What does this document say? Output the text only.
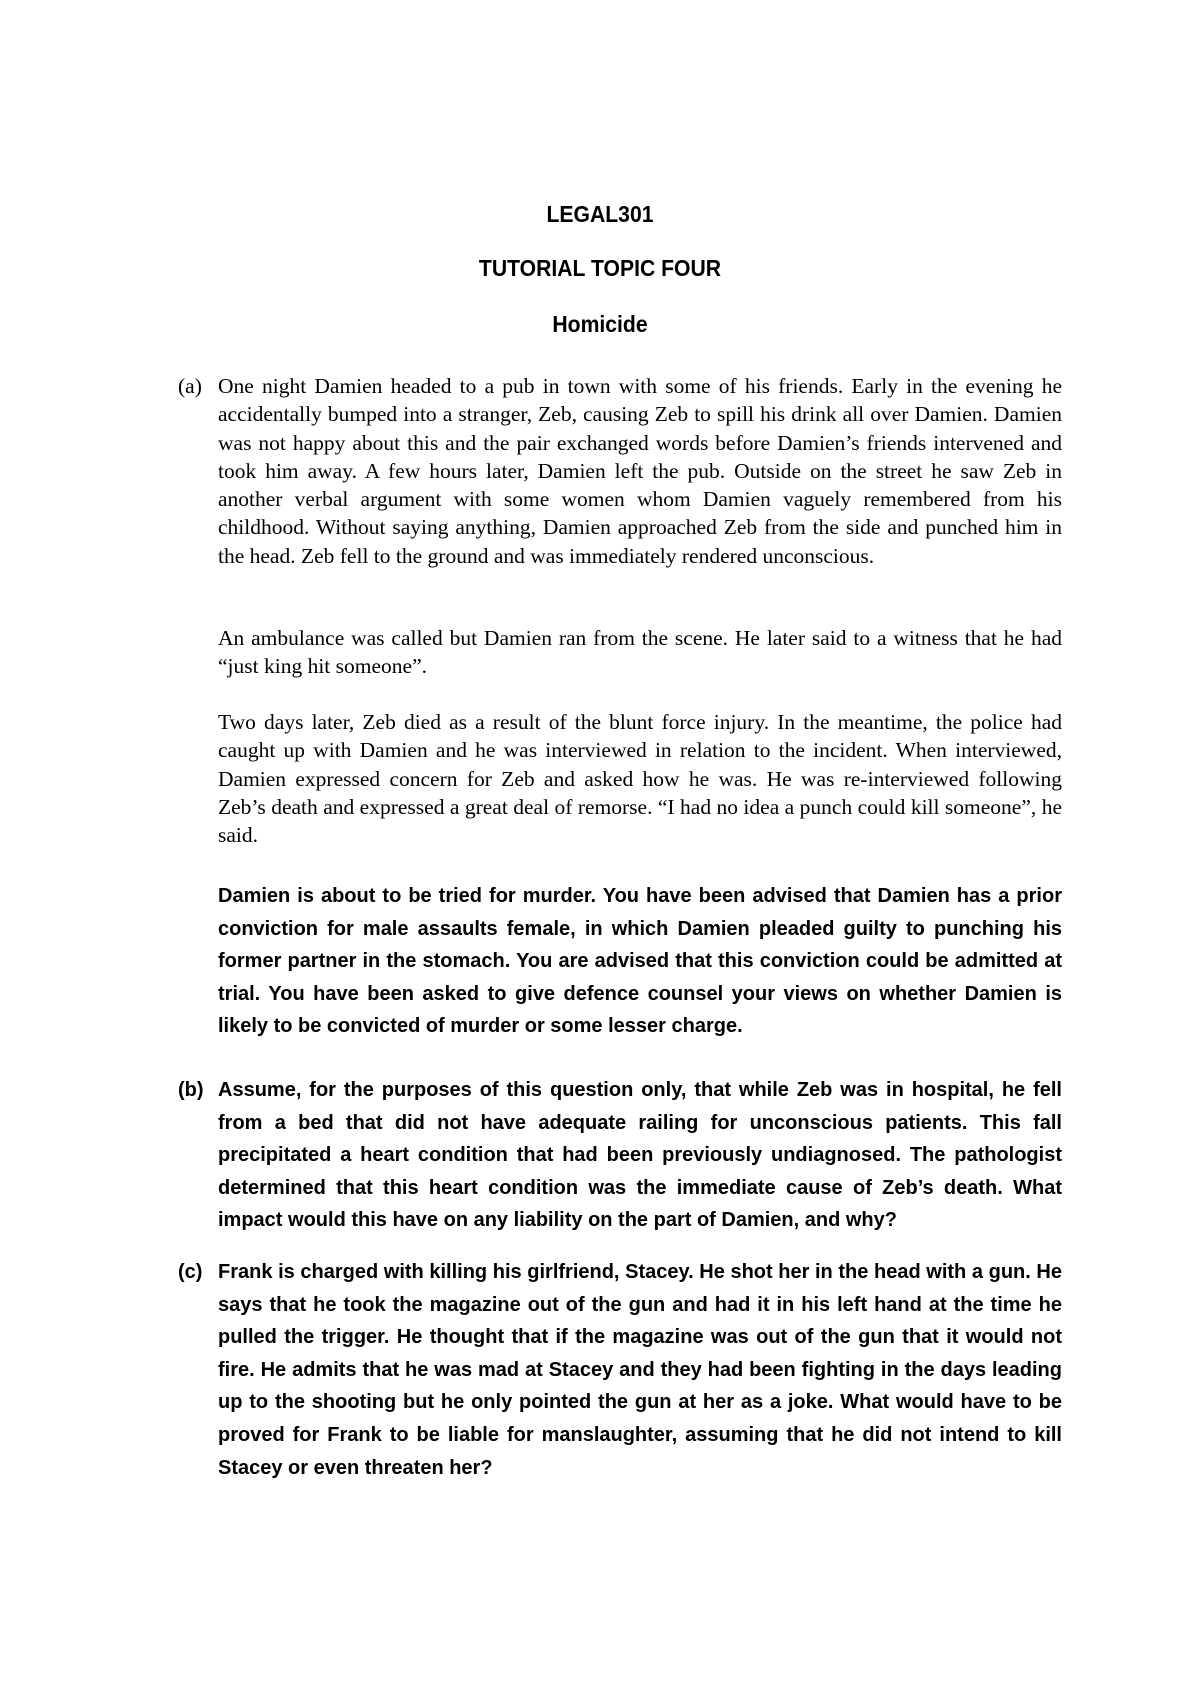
LEGAL301
TUTORIAL TOPIC FOUR
Homicide
(a) One night Damien headed to a pub in town with some of his friends. Early in the evening he accidentally bumped into a stranger, Zeb, causing Zeb to spill his drink all over Damien. Damien was not happy about this and the pair exchanged words before Damien’s friends intervened and took him away. A few hours later, Damien left the pub. Outside on the street he saw Zeb in another verbal argument with some women whom Damien vaguely remembered from his childhood. Without saying anything, Damien approached Zeb from the side and punched him in the head. Zeb fell to the ground and was immediately rendered unconscious.

An ambulance was called but Damien ran from the scene. He later said to a witness that he had “just king hit someone”.

Two days later, Zeb died as a result of the blunt force injury. In the meantime, the police had caught up with Damien and he was interviewed in relation to the incident. When interviewed, Damien expressed concern for Zeb and asked how he was. He was re-interviewed following Zeb’s death and expressed a great deal of remorse. “I had no idea a punch could kill someone”, he said.

Damien is about to be tried for murder. You have been advised that Damien has a prior conviction for male assaults female, in which Damien pleaded guilty to punching his former partner in the stomach. You are advised that this conviction could be admitted at trial. You have been asked to give defence counsel your views on whether Damien is likely to be convicted of murder or some lesser charge.

(b) Assume, for the purposes of this question only, that while Zeb was in hospital, he fell from a bed that did not have adequate railing for unconscious patients. This fall precipitated a heart condition that had been previously undiagnosed. The pathologist determined that this heart condition was the immediate cause of Zeb’s death. What impact would this have on any liability on the part of Damien, and why?

(c) Frank is charged with killing his girlfriend, Stacey. He shot her in the head with a gun. He says that he took the magazine out of the gun and had it in his left hand at the time he pulled the trigger. He thought that if the magazine was out of the gun that it would not fire. He admits that he was mad at Stacey and they had been fighting in the days leading up to the shooting but he only pointed the gun at her as a joke. What would have to be proved for Frank to be liable for manslaughter, assuming that he did not intend to kill Stacey or even threaten her?
